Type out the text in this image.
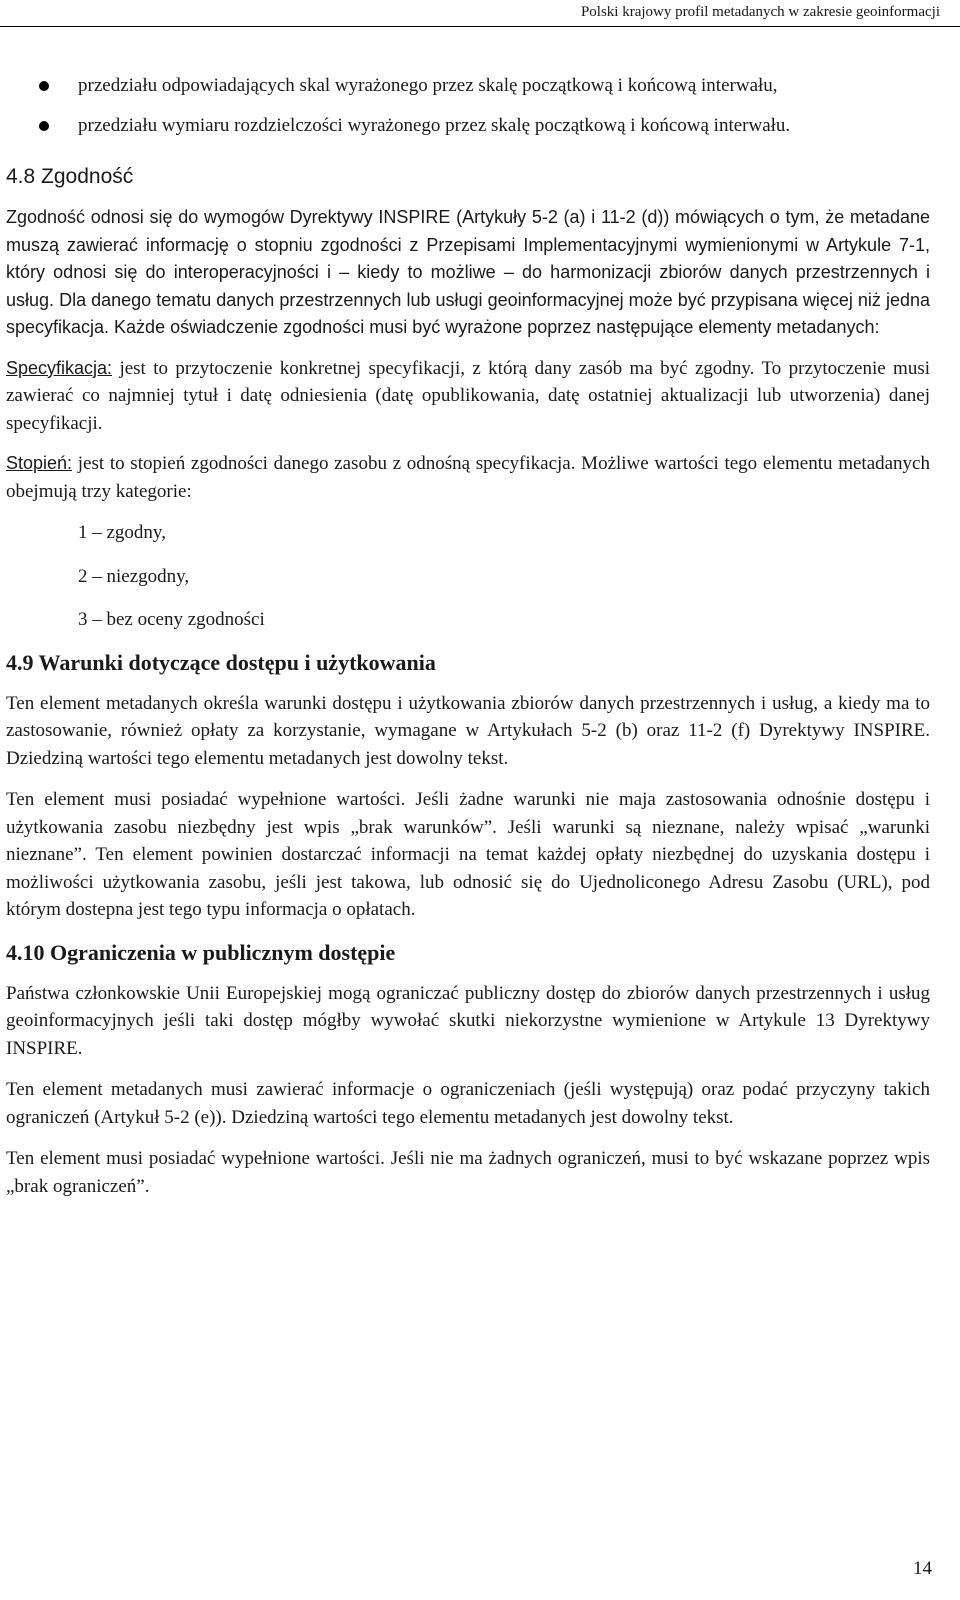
Polski krajowy profil metadanych w zakresie geoinformacji
przedziału odpowiadających skal wyrażonego przez skalę początkową i końcową interwału,
przedziału wymiaru rozdzielczości wyrażonego przez skalę początkową i końcową interwału.
4.8 Zgodność

Zgodność odnosi się do wymogów Dyrektywy INSPIRE (Artykuły 5-2 (a) i 11-2 (d)) mówiących o tym, że metadane muszą zawierać informację o stopniu zgodności z Przepisami Implementacyjnymi wymienionymi w Artykule 7-1, który odnosi się do interoperacyjności i – kiedy to możliwe – do harmonizacji zbiorów danych przestrzennych i usług. Dla danego tematu danych przestrzennych lub usługi geoinformacyjnej może być przypisana więcej niż jedna specyfikacja. Każde oświadczenie zgodności musi być wyrażone poprzez następujące elementy metadanych:

Specyfikacja: jest to przytoczenie konkretnej specyfikacji, z którą dany zasób ma być zgodny. To przytoczenie musi zawierać co najmniej tytuł i datę odniesienia (datę opublikowania, datę ostatniej aktualizacji lub utworzenia) danej specyfikacji.

Stopień: jest to stopień zgodności danego zasobu z odnośną specyfikacja. Możliwe wartości tego elementu metadanych obejmują trzy kategorie:

1 – zgodny,
2 – niezgodny,
3 – bez oceny zgodności
4.9 Warunki dotyczące dostępu i użytkowania

Ten element metadanych określa warunki dostępu i użytkowania zbiorów danych przestrzennych i usług, a kiedy ma to zastosowanie, również opłaty za korzystanie, wymagane w Artykułach 5-2 (b) oraz 11-2 (f) Dyrektywy INSPIRE. Dziedziną wartości tego elementu metadanych jest dowolny tekst.

Ten element musi posiadać wypełnione wartości. Jeśli żadne warunki nie maja zastosowania odnośnie dostępu i użytkowania zasobu niezbędny jest wpis „brak warunków”. Jeśli warunki są nieznane, należy wpisać „warunki nieznane”. Ten element powinien dostarczać informacji na temat każdej opłaty niezbędnej do uzyskania dostępu i możliwości użytkowania zasobu, jeśli jest takowa, lub odnosić się do Ujednoliconego Adresu Zasobu (URL), pod którym dostepna jest tego typu informacja o opłatach.

4.10 Ograniczenia w publicznym dostępie

Państwa członkowskie Unii Europejskiej mogą ograniczać publiczny dostęp do zbiorów danych przestrzennych i usług geoinformacyjnych jeśli taki dostęp mógłby wywołać skutki niekorzystne wymienione w Artykule 13 Dyrektywy INSPIRE.

Ten element metadanych musi zawierać informacje o ograniczeniach (jeśli występują) oraz podać przyczyny takich ograniczeń (Artykuł 5-2 (e)). Dziedziną wartości tego elementu metadanych jest dowolny tekst.

Ten element musi posiadać wypełnione wartości. Jeśli nie ma żadnych ograniczeń, musi to być wskazane poprzez wpis „brak ograniczeń”.

14
